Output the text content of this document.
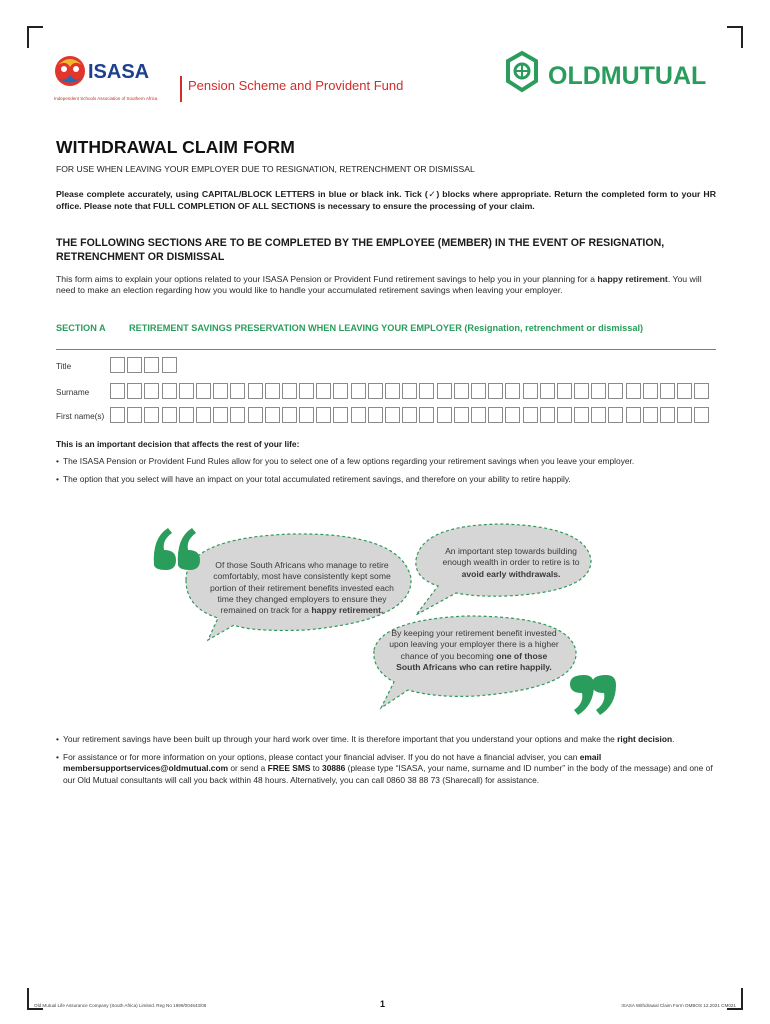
ISASA
Independent Schools Association of Southern Africa
Pension Scheme and Provident Fund	OLDMUTUAL
WITHDRAWAL CLAIM FORM
FOR USE WHEN LEAVING YOUR EMPLOYER DUE TO RESIGNATION, RETRENCHMENT OR DISMISSAL
Please complete accurately, using CAPITAL/BLOCK LETTERS in blue or black ink. Tick (✓) blocks where appropriate. Return the completed form to your HR office. Please note that FULL COMPLETION OF ALL SECTIONS is necessary to ensure the processing of your claim.
THE FOLLOWING SECTIONS ARE TO BE COMPLETED BY THE EMPLOYEE (MEMBER) IN THE EVENT OF RESIGNATION, RETRENCHMENT OR DISMISSAL
This form aims to explain your options related to your ISASA Pension or Provident Fund retirement savings to help you in your planning for a happy retirement. You will need to make an election regarding how you would like to handle your accumulated retirement savings when leaving your employer.
SECTION A	RETIREMENT SAVINGS PRESERVATION WHEN LEAVING YOUR EMPLOYER (Resignation, retrenchment or dismissal)
Title
Surname
First name(s)
This is an important decision that affects the rest of your life:
• The ISASA Pension or Provident Fund Rules allow for you to select one of a few options regarding your retirement savings when you leave your employer.
• The option that you select will have an impact on your total accumulated retirement savings, and therefore on your ability to retire happily.
Of those South Africans who manage to retire comfortably, most have consistently kept some portion of their retirement benefits invested each time they changed employers to ensure they remained on track for a happy retirement.
An important step towards building enough wealth in order to retire is to avoid early withdrawals.
By keeping your retirement benefit invested upon leaving your employer there is a higher chance of you becoming one of those South Africans who can retire happily.
• Your retirement savings have been built up through your hard work over time. It is therefore important that you understand your options and make the right decision.
• For assistance or for more information on your options, please contact your financial adviser. If you do not have a financial adviser, you can email membersupportservices@oldmutual.com or send a FREE SMS to 30886 (please type “ISASA, your name, surname and ID number” in the body of the message) and one of our Old Mutual consultants will call you back within 48 hours. Alternatively, you can call 0860 38 88 73 (Sharecall) for assistance.
Old Mutual Life Assurance Company (South Africa) Limited. Reg No 1999/004643/06	1	ISASA Withdrawal Claim Form OMBOS 12.2021 CM021
